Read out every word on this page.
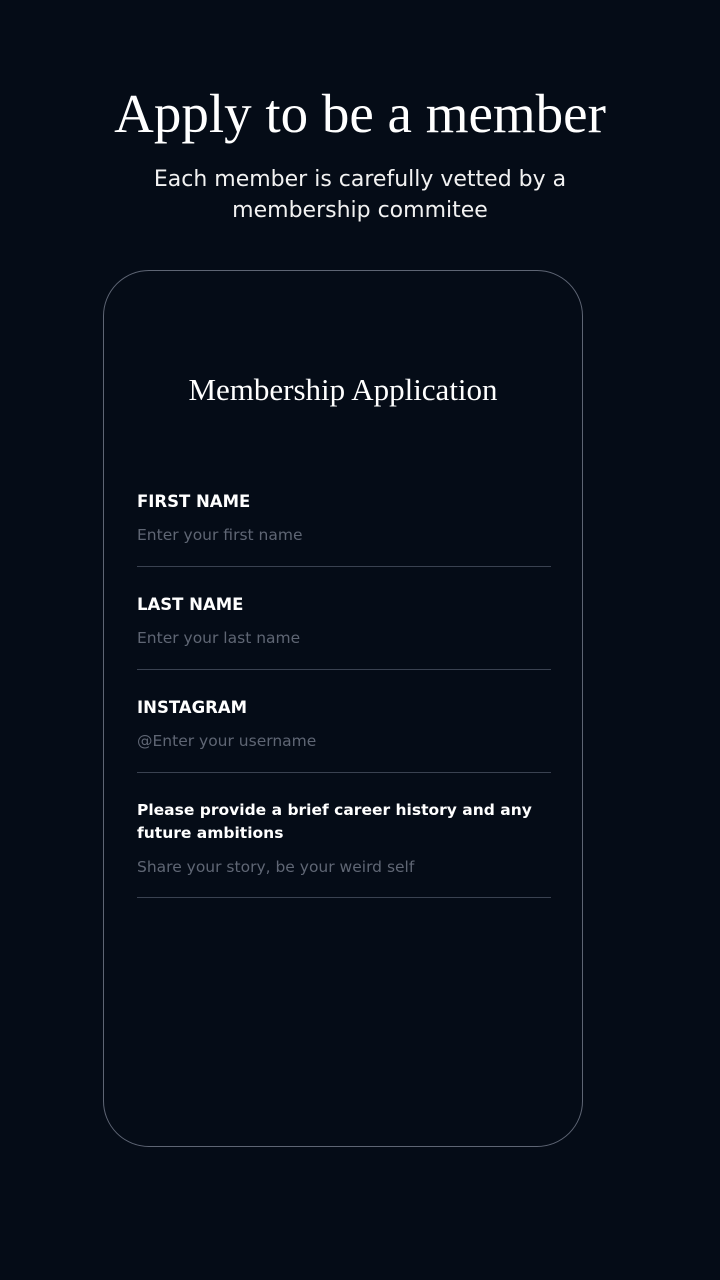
Apply to be a member

Each member is carefully vetted by a membership commitee

Membership Application
FIRST NAME
Enter your first name
LAST NAME
Enter your last name
INSTAGRAM
@Enter your username
Please provide a brief career history and any future ambitions
Share your story, be your weird self
